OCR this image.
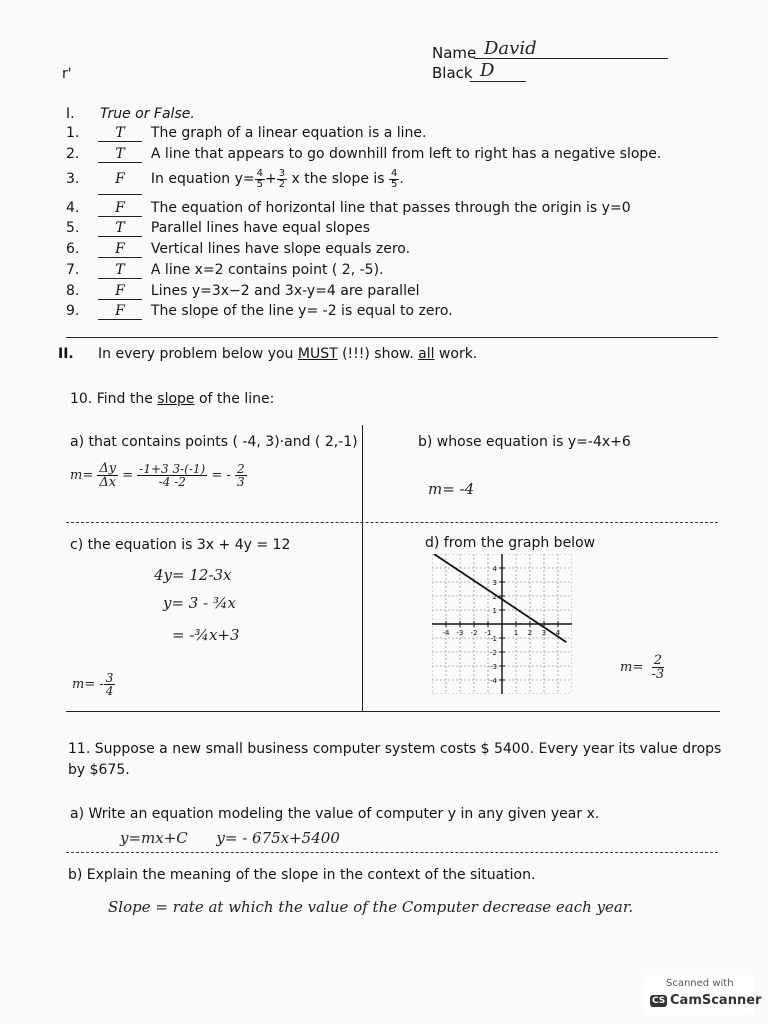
r'
Name David
Black D
I. True or False.
1.	T The graph of a linear equation is a line.
2.	T A line that appears to go downhill from left to right has a negative slope.
3.	F In equation $y= \frac{4}{5} + \frac{3}{2}$ x the slope is $\frac{4}{5}$ .
4.	F The equation of horizontal line that passes through the origin is y=0
5.	T Parallel lines have equal slopes
6.	F Vertical lines have slope equals zero.
7.	T A line x=2 contains point ( 2, -5).
8.	F Lines y=3x−2 and 3x-y=4 are parallel
9.	F The slope of the line y= -2 is equal to zero.
II. In every problem below you MUST (!!!) show. all work.
10. Find the slope of the line:
a) that contains points ( -4, 3)·and ( 2,-1)
$m= \frac{\Delta y}{\Delta x} = \frac{-1+3 3-(-1)}{-4 -2}$ = - $\frac{2}{3}$
b) whose equation is y=-4x+6
m= -4
c) the equation is 3x + 4y = 12
4y= 12-3x
y= 3 - ¾x
= -¾x+3
$m= - \frac{3}{4}$
d) from the graph below
-4 -3 -2 -1	1 2 3 4
4
3
2
1
-1
-2
-3
-4
$m= \frac{2}{-3}$
11. Suppose a new small business computer system costs $ 5400. Every year its value drops by $675.
a) Write an equation modeling the value of computer y in any given year x.
y=mx+C      y= - 675x+5400
b) Explain the meaning of the slope in the context of the situation.
Slope = rate at which the value of the Computer decrease each year.
Scanned with
CS CamScanner
